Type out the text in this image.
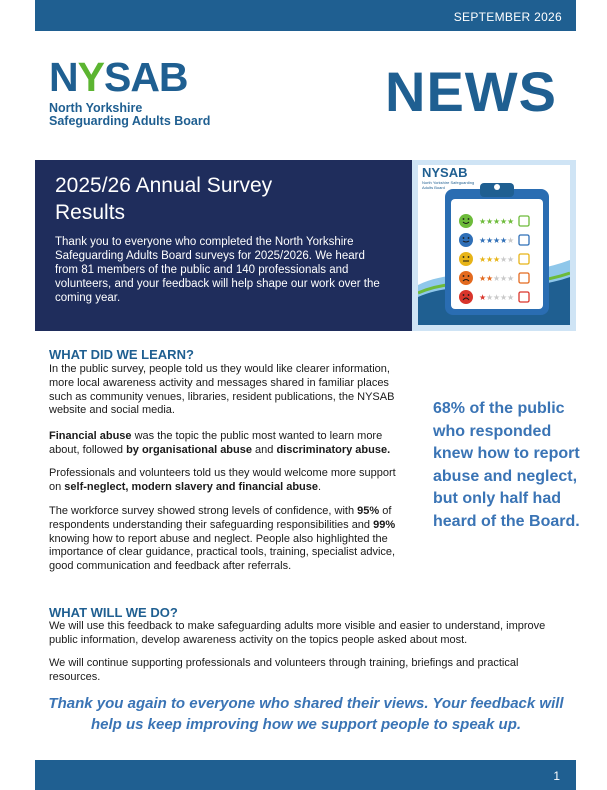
SEPTEMBER 2026
NYSAB
North Yorkshire
Safeguarding Adults Board	NEWS
2025/26 Annual Survey Results

Thank you to everyone who completed the North Yorkshire Safeguarding Adults Board surveys for 2025/2026. We heard from 81 members of the public and 140 professionals and volunteers, and your feedback will help shape our work over the coming year.

★ ★ ★ ★ ★
★ ★ ★ ★ ★
★ ★ ★ ★ ★
★ ★ ★ ★ ★
★ ★ ★ ★ ★
NYSAB
North Yorkshire Safeguarding Adults Board
WHAT DID WE LEARN?
In the public survey, people told us they would like clearer information, more local awareness activity and messages shared in familiar places such as community venues, libraries, resident publications, the NYSAB website and social media.
Financial abuse was the topic the public most wanted to learn more about, followed by organisational abuse and discriminatory abuse.
Professionals and volunteers told us they would welcome more support on self-neglect, modern slavery and financial abuse.
The workforce survey showed strong levels of confidence, with 95% of respondents understanding their safeguarding responsibilities and 99% knowing how to report abuse and neglect. People also highlighted the importance of clear guidance, practical tools, training, specialist advice, good communication and feedback after referrals.
68% of the public who responded knew how to report abuse and neglect, but only half had heard of the Board.
WHAT WILL WE DO?
We will use this feedback to make safeguarding adults more visible and easier to understand, improve public information, develop awareness activity on the topics people asked about most.
We will continue supporting professionals and volunteers through training, briefings and practical resources.
Thank you again to everyone who shared their views. Your feedback will help us keep improving how we support people to speak up.
1
